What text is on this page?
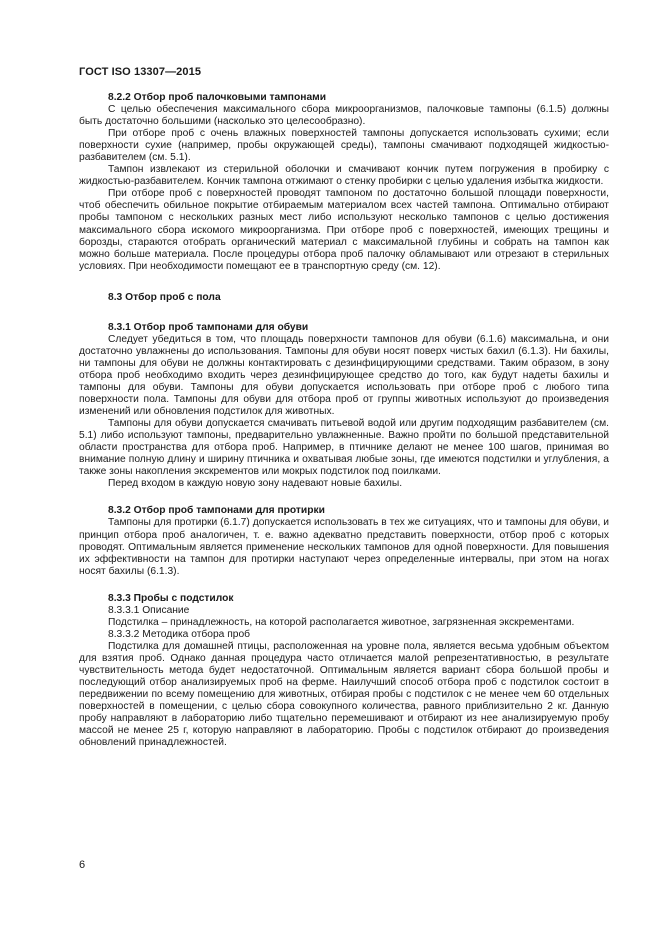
ГОСТ ISO 13307—2015
8.2.2 Отбор проб палочковыми тампонами

С целью обеспечения максимального сбора микроорганизмов, палочковые тампоны (6.1.5) должны быть достаточно большими (насколько это целесообразно).

При отборе проб с очень влажных поверхностей тампоны допускается использовать сухими; если поверхности сухие (например, пробы окружающей среды), тампоны смачивают подходящей жидкостью-разбавителем (см. 5.1).

Тампон извлекают из стерильной оболочки и смачивают кончик путем погружения в пробирку с жидкостью-разбавителем. Кончик тампона отжимают о стенку пробирки с целью удаления избытка жидкости.

При отборе проб с поверхностей проводят тампоном по достаточно большой площади поверхности, чтоб обеспечить обильное покрытие отбираемым материалом всех частей тампона. Оптимально отбирают пробы тампоном с нескольких разных мест либо используют несколько тампонов с целью достижения максимального сбора искомого микроорганизма. При отборе проб с поверхностей, имеющих трещины и борозды, стараются отобрать органический материал с максимальной глубины и собрать на тампон как можно больше материала. После процедуры отбора проб палочку обламывают или отрезают в стерильных условиях. При необходимости помещают ее в транспортную среду (см. 12).

8.3 Отбор проб с пола
8.3.1 Отбор проб тампонами для обуви

Следует убедиться в том, что площадь поверхности тампонов для обуви (6.1.6) максимальна, и они достаточно увлажнены до использования. Тампоны для обуви носят поверх чистых бахил (6.1.3). Ни бахилы, ни тампоны для обуви не должны контактировать с дезинфицирующими средствами. Таким образом, в зону отбора проб необходимо входить через дезинфицирующее средство до того, как будут надеты бахилы и тампоны для обуви. Тампоны для обуви допускается использовать при отборе проб с любого типа поверхности пола. Тампоны для обуви для отбора проб от группы животных используют до произведения изменений или обновления подстилок для животных.

Тампоны для обуви допускается смачивать питьевой водой или другим подходящим разбавителем (см. 5.1) либо используют тампоны, предварительно увлажненные. Важно пройти по большой представительной области пространства для отбора проб. Например, в птичнике делают не менее 100 шагов, принимая во внимание полную длину и ширину птичника и охватывая любые зоны, где имеются подстилки и углубления, а также зоны накопления экскрементов или мокрых подстилок под поилками.

Перед входом в каждую новую зону надевают новые бахилы.

8.3.2 Отбор проб тампонами для протирки

Тампоны для протирки (6.1.7) допускается использовать в тех же ситуациях, что и тампоны для обуви, и принцип отбора проб аналогичен, т. е. важно адекватно представить поверхности, отбор проб с которых проводят. Оптимальным является применение нескольких тампонов для одной поверхности. Для повышения их эффективности на тампон для протирки наступают через определенные интервалы, при этом на ногах носят бахилы (6.1.3).

8.3.3 Пробы с подстилок
8.3.3.1 Описание

Подстилка – принадлежность, на которой располагается животное, загрязненная экскрементами.

8.3.3.2 Методика отбора проб

Подстилка для домашней птицы, расположенная на уровне пола, является весьма удобным объектом для взятия проб. Однако данная процедура часто отличается малой репрезентативностью, в результате чувствительность метода будет недостаточной. Оптимальным является вариант сбора большой пробы и последующий отбор анализируемых проб на ферме. Наилучший способ отбора проб с подстилок состоит в передвижении по всему помещению для животных, отбирая пробы с подстилок с не менее чем 60 отдельных поверхностей в помещении, с целью сбора совокупного количества, равного приблизительно 2 кг. Данную пробу направляют в лабораторию либо тщательно перемешивают и отбирают из нее анализируемую пробу массой не менее 25 г, которую направляют в лабораторию. Пробы с подстилок отбирают до произведения обновлений принадлежностей.

6
